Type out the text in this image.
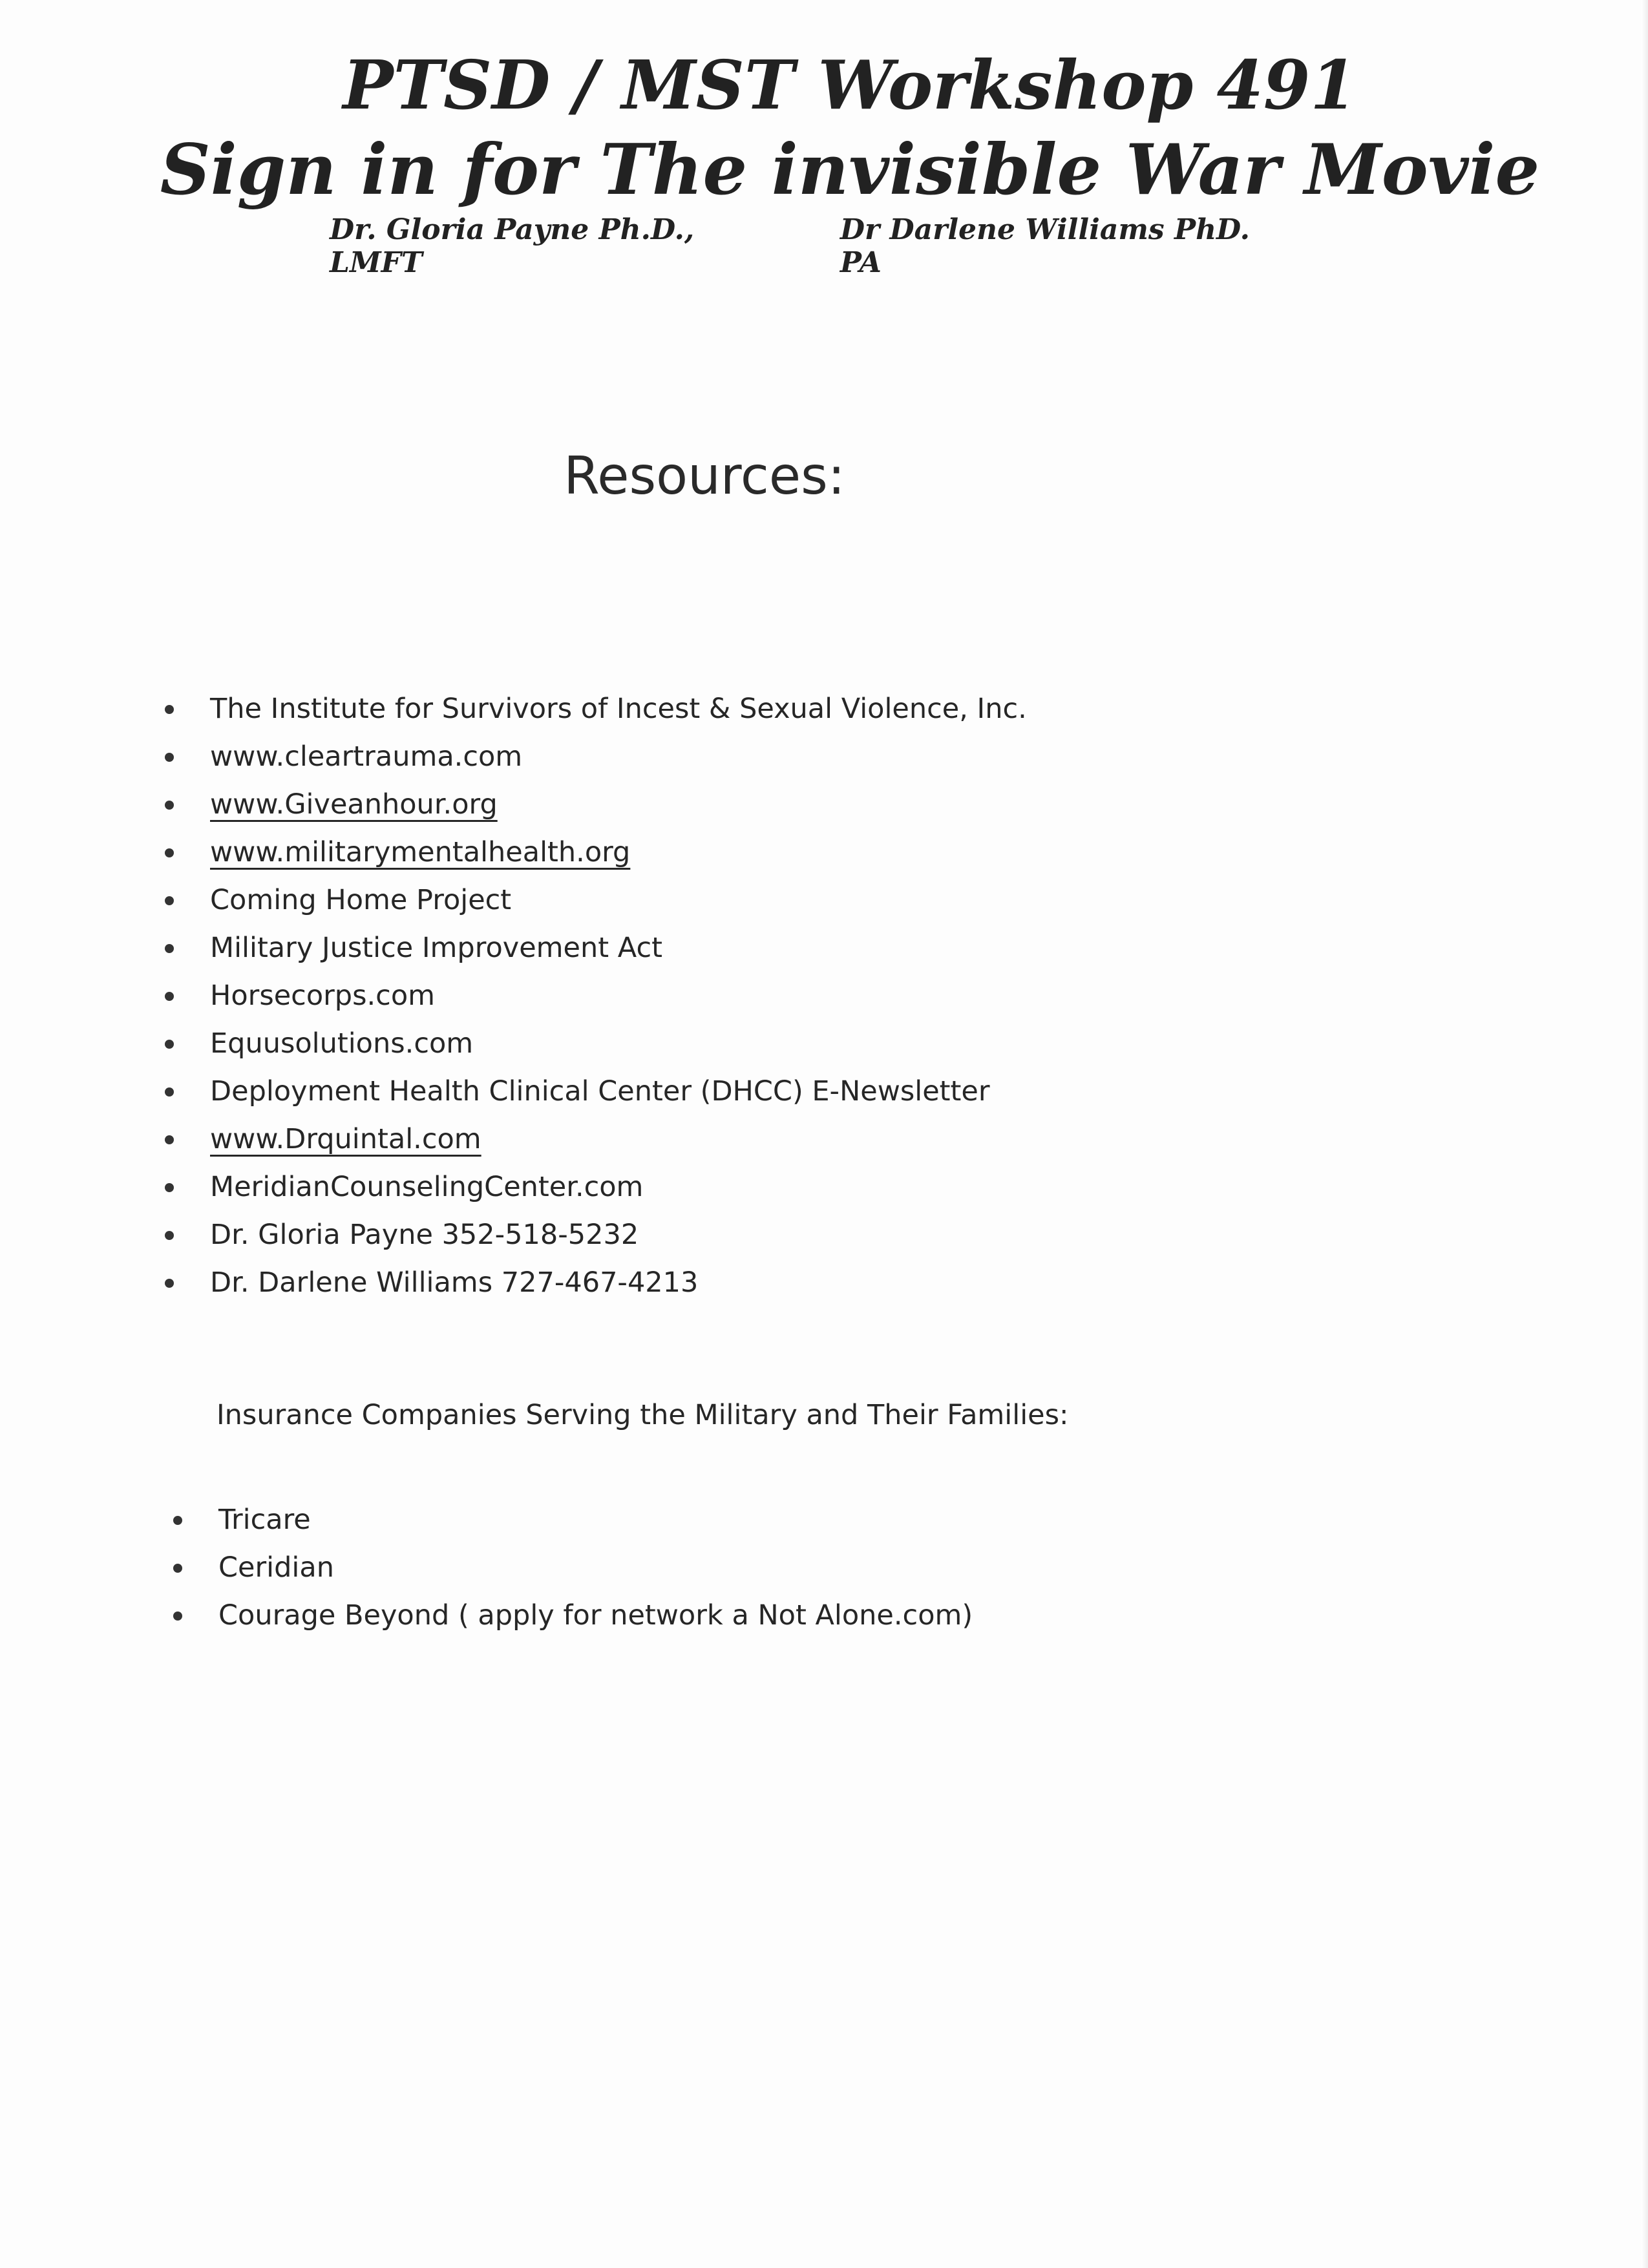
PTSD / MST Workshop 491
Sign in for The invisible War Movie
Dr. Gloria Payne Ph.D., LMFT
Dr Darlene Williams PhD. PA
Resources:
The Institute for Survivors of Incest & Sexual Violence, Inc.
www.cleartrauma.com
www.Giveanhour.org
www.militarymentalhealth.org
Coming Home Project
Military Justice Improvement Act
Horsecorps.com
Equusolutions.com
Deployment Health Clinical Center (DHCC) E-Newsletter
www.Drquintal.com
MeridianCounselingCenter.com
Dr. Gloria Payne 352-518-5232
Dr. Darlene Williams 727-467-4213
Insurance Companies Serving the Military and Their Families:
Tricare
Ceridian
Courage Beyond ( apply for network a Not Alone.com)
